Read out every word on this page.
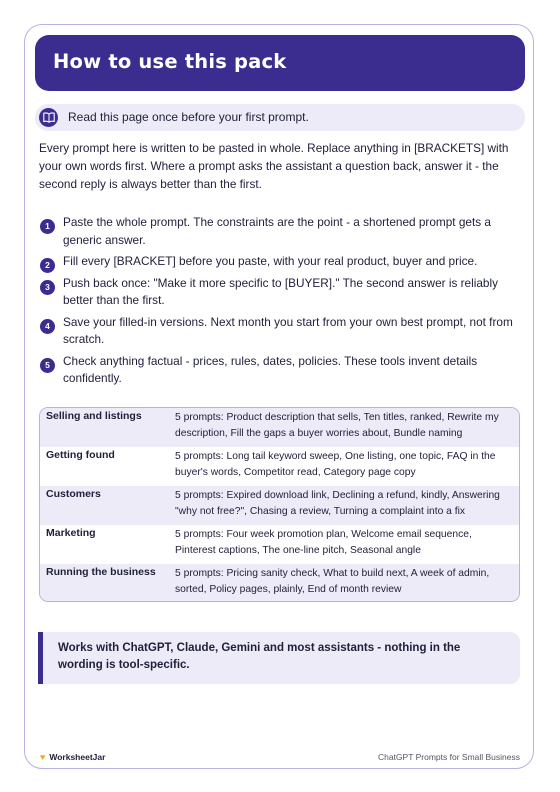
How to use this pack
Read this page once before your first prompt.

Every prompt here is written to be pasted in whole. Replace anything in [BRACKETS] with your own words first. Where a prompt asks the assistant a question back, answer it - the second reply is always better than the first.

1	Paste the whole prompt. The constraints are the point - a shortened prompt gets a generic answer.
2	Fill every [BRACKET] before you paste, with your real product, buyer and price.
3	Push back once: "Make it more specific to [BUYER]." The second answer is reliably better than the first.
4	Save your filled-in versions. Next month you start from your own best prompt, not from scratch.
5	Check anything factual - prices, rules, dates, policies. These tools invent details confidently.
Selling and listings	5 prompts: Product description that sells, Ten titles, ranked, Rewrite my description, Fill the gaps a buyer worries about, Bundle naming
Getting found	5 prompts: Long tail keyword sweep, One listing, one topic, FAQ in the buyer's words, Competitor read, Category page copy
Customers	5 prompts: Expired download link, Declining a refund, kindly, Answering "why not free?", Chasing a review, Turning a complaint into a fix
Marketing	5 prompts: Four week promotion plan, Welcome email sequence, Pinterest captions, The one-line pitch, Seasonal angle
Running the business 5 prompts: Pricing sanity check, What to build next, A week of admin, sorted, Policy pages, plainly, End of month review
Works with ChatGPT, Claude, Gemini and most assistants - nothing in the wording is tool-specific.
♥ WorksheetJar	ChatGPT Prompts for Small Business
